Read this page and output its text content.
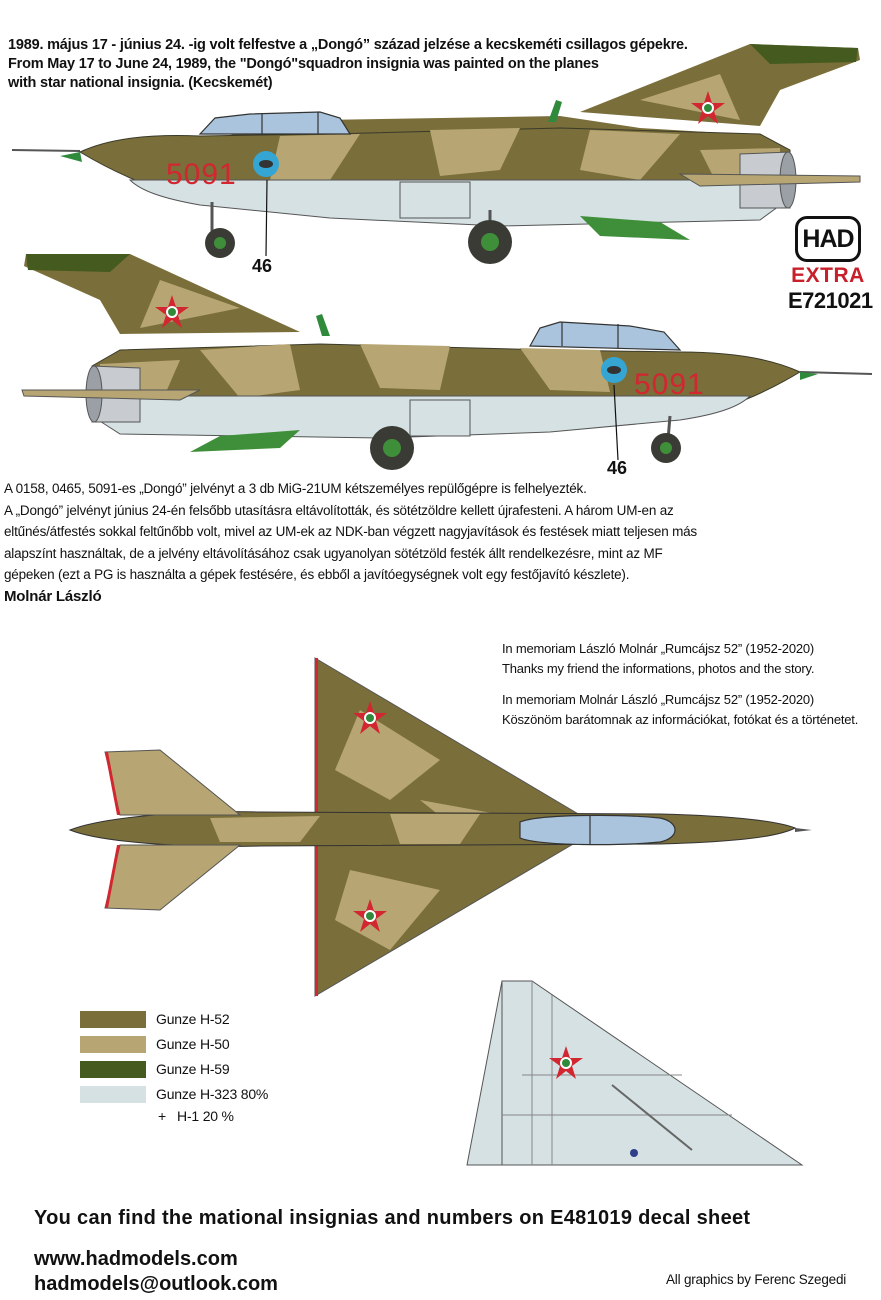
1989. május 17 - június 24. -ig volt felfestve a „Dongó” század jelzése a kecskeméti csillagos gépekre.
From May 17 to June 24, 1989, the "Dongó"squadron insignia was painted on the planes
with star national insignia. (Kecskemét)
5091
46
HAD
EXTRA
E721021
5091
46
A 0158, 0465, 5091-es „Dongó” jelvényt a 3 db MiG-21UM kétszemélyes repülőgépre is felhelyezték.
A „Dongó” jelvényt június 24-én felsőbb utasításra eltávolították, és sötétzöldre kellett újrafesteni. A három UM-en az
eltűnés/átfestés sokkal feltűnőbb volt, mivel az UM-ek az NDK-ban végzett nagyjavítások és festések miatt teljesen más
alapszínt használtak, de a jelvény eltávolításához csak ugyanolyan sötétzöld festék állt rendelkezésre, mint az MF
gépeken (ezt a PG is használta a gépek festésére, és ebből a javítóegységnek volt egy festőjavító készlete).
Molnár László
In memoriam László Molnár „Rumcájsz 52” (1952-2020)
Thanks my friend the informations, photos and the story.
In memoriam Molnár László „Rumcájsz 52” (1952-2020)
Köszönöm barátomnak az információkat, fotókat és a történetet.
Gunze H-52
Gunze H-50
Gunze H-59
Gunze H-323 80%
+   H-1 20 %
You can find the mational insignias and numbers on E481019 decal sheet
www.hadmodels.com
hadmodels@outlook.com	All graphics by Ferenc Szegedi
